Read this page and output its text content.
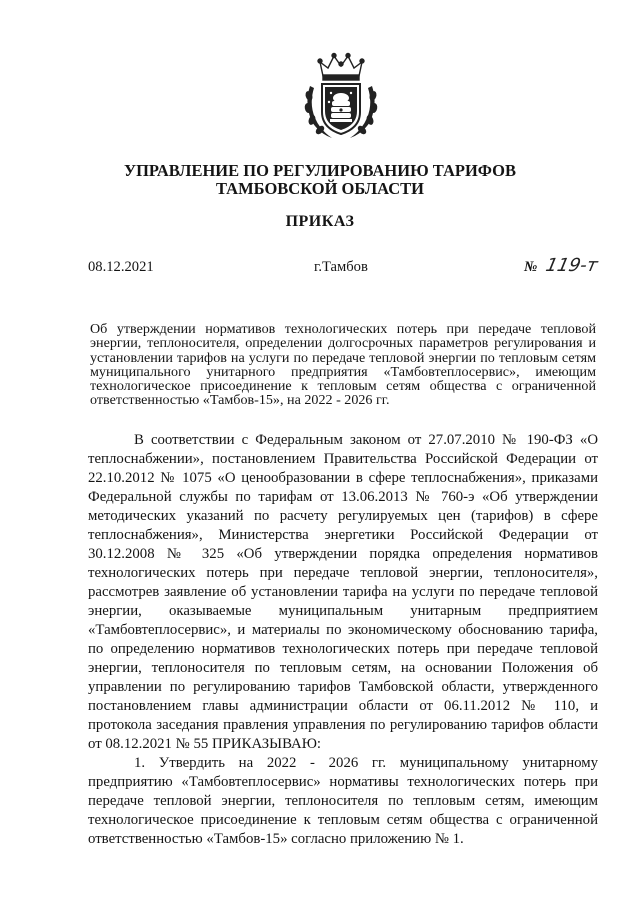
УПРАВЛЕНИЕ ПО РЕГУЛИРОВАНИЮ ТАРИФОВ
ТАМБОВСКОЙ ОБЛАСТИ
ПРИКАЗ
08.12.2021	г.Тамбов	№ 119-т
Об утверждении нормативов технологических потерь при передаче тепловой энергии, теплоносителя, определении долгосрочных параметров регулирования и установлении тарифов на услуги по передаче тепловой энергии по тепловым сетям муниципального унитарного предприятия «Тамбовтеплосервис», имеющим технологическое присоединение к тепловым сетям общества с ограниченной ответственностью «Тамбов-15», на 2022 - 2026 гг.

В соответствии с Федеральным законом от 27.07.2010 № 190-ФЗ «О теплоснабжении», постановлением Правительства Российской Федерации от 22.10.2012 № 1075 «О ценообразовании в сфере теплоснабжения», приказами Федеральной службы по тарифам от 13.06.2013 № 760-э «Об утверждении методических указаний по расчету регулируемых цен (тарифов) в сфере теплоснабжения», Министерства энергетики Российской Федерации от 30.12.2008 № 325 «Об утверждении порядка определения нормативов технологических потерь при передаче тепловой энергии, теплоносителя», рассмотрев заявление об установлении тарифа на услуги по передаче тепловой энергии, оказываемые муниципальным унитарным предприятием «Тамбовтеплосервис», и материалы по экономическому обоснованию тарифа, по определению нормативов технологических потерь при передаче тепловой энергии, теплоносителя по тепловым сетям, на основании Положения об управлении по регулированию тарифов Тамбовской области, утвержденного постановлением главы администрации области от 06.11.2012 № 110, и протокола заседания правления управления по регулированию тарифов области от 08.12.2021 № 55 ПРИКАЗЫВАЮ:

1. Утвердить на 2022 - 2026 гг. муниципальному унитарному предприятию «Тамбовтеплосервис» нормативы технологических потерь при передаче тепловой энергии, теплоносителя по тепловым сетям, имеющим технологическое присоединение к тепловым сетям общества с ограниченной ответственностью «Тамбов-15» согласно приложению № 1.
